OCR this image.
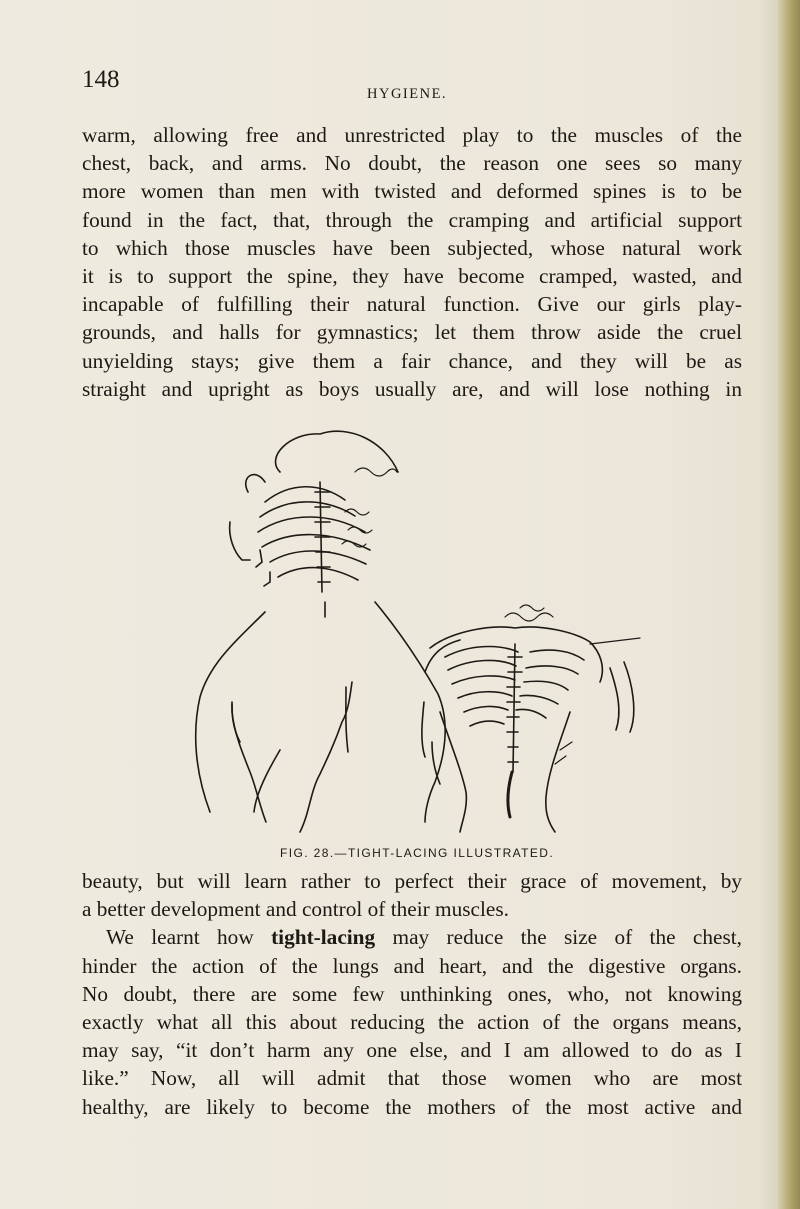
148
HYGIENE.
warm, allowing free and unrestricted play to the muscles of the
chest, back, and arms. No doubt, the reason one sees so many
more women than men with twisted and deformed spines is to be
found in the fact, that, through the cramping and artificial support
to which those muscles have been subjected, whose natural work
it is to support the spine, they have become cramped, wasted, and
incapable of fulfilling their natural function. Give our girls play-
grounds, and halls for gymnastics; let them throw aside the cruel
unyielding stays; give them a fair chance, and they will be as
straight and upright as boys usually are, and will lose nothing in
FIG. 28.—TIGHT-LACING ILLUSTRATED.
beauty, but will learn rather to perfect their grace of movement, by
a better development and control of their muscles.
We learnt how tight-lacing may reduce the size of the chest,
hinder the action of the lungs and heart, and the digestive organs.
No doubt, there are some few unthinking ones, who, not knowing
exactly what all this about reducing the action of the organs means,
may say, “it don’t harm any one else, and I am allowed to do as I
like.” Now, all will admit that those women who are most
healthy, are likely to become the mothers of the most active and
